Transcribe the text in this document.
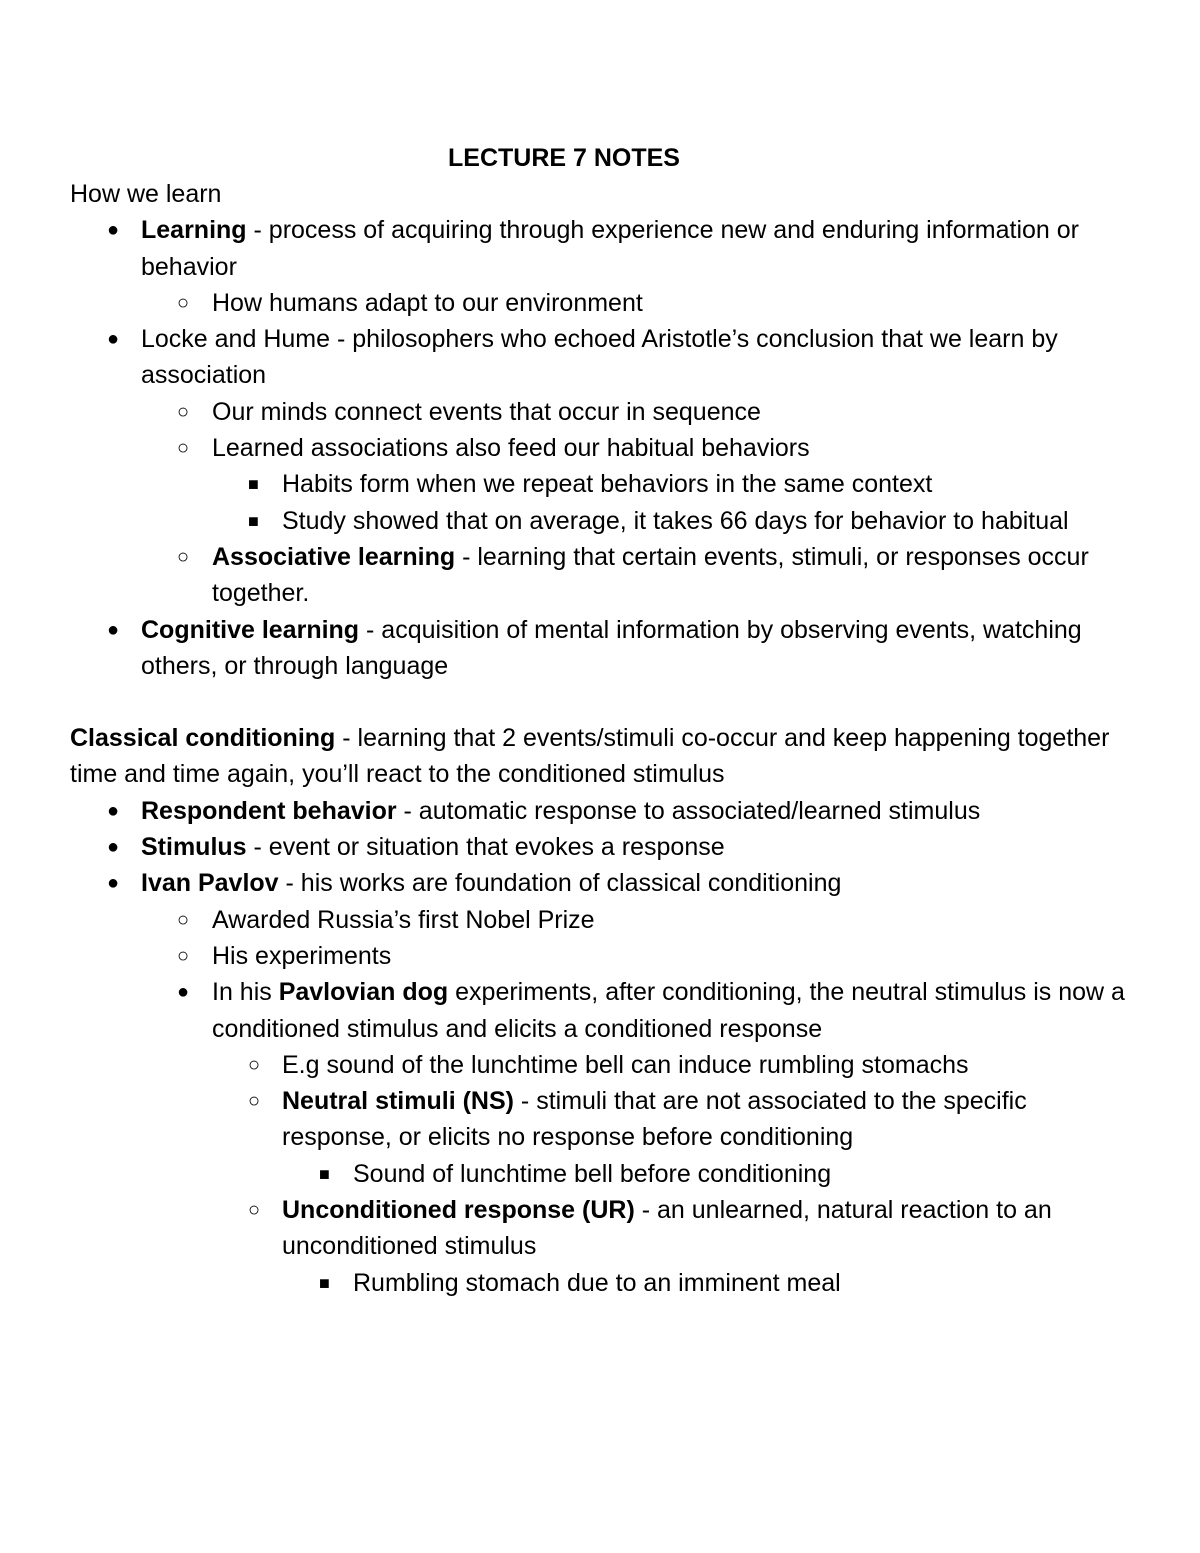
LECTURE 7 NOTES

How we learn

● Learning - process of acquiring through experience new and enduring information or behavior
○ How humans adapt to our environment
● Locke and Hume - philosophers who echoed Aristotle’s conclusion that we learn by association
○ Our minds connect events that occur in sequence
○ Learned associations also feed our habitual behaviors
■ Habits form when we repeat behaviors in the same context
■ Study showed that on average, it takes 66 days for behavior to habitual
○ Associative learning - learning that certain events, stimuli, or responses occur together.
● Cognitive learning - acquisition of mental information by observing events, watching others, or through language

Classical conditioning - learning that 2 events/stimuli co-occur and keep happening together time and time again, you’ll react to the conditioned stimulus

● Respondent behavior - automatic response to associated/learned stimulus
● Stimulus - event or situation that evokes a response
● Ivan Pavlov - his works are foundation of classical conditioning
○ Awarded Russia’s first Nobel Prize
○ His experiments
● In his Pavlovian dog experiments, after conditioning, the neutral stimulus is now a conditioned stimulus and elicits a conditioned response
○ E.g sound of the lunchtime bell can induce rumbling stomachs
○ Neutral stimuli (NS) - stimuli that are not associated to the specific response, or elicits no response before conditioning
■ Sound of lunchtime bell before conditioning
○ Unconditioned response (UR) - an unlearned, natural reaction to an unconditioned stimulus
■ Rumbling stomach due to an imminent meal
